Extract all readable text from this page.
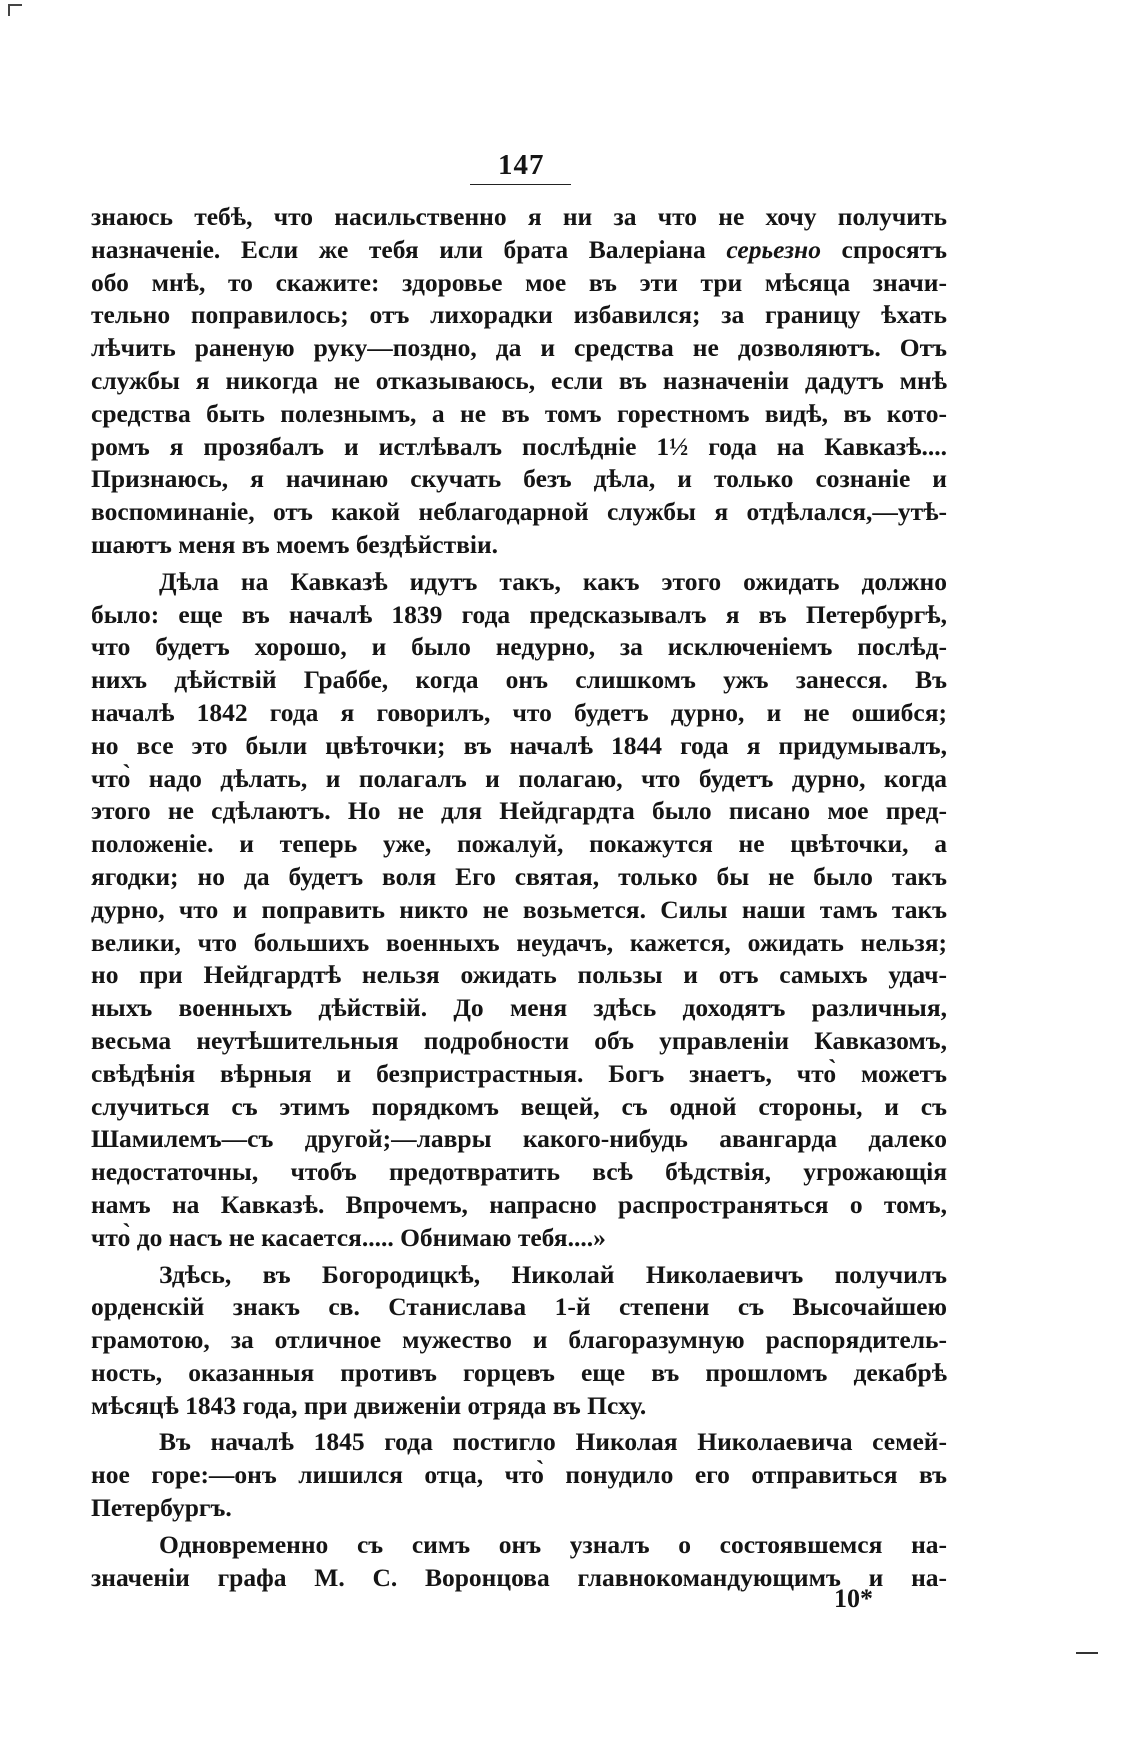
147
знаюсь тебѣ, что насильственно я ни за что не хочу получить
назначеніе. Если же тебя или брата Валеріана серьезно спросятъ
обо мнѣ, то скажите: здоровье мое въ эти три мѣсяца значи-
тельно поправилось; отъ лихорадки избавился; за границу ѣхать
лѣчить раненую руку—поздно, да и средства не дозволяютъ. Отъ
службы я никогда не отказываюсь, если въ назначеніи дадутъ мнѣ
средства быть полезнымъ, а не въ томъ горестномъ видѣ, въ кото-
ромъ я прозябалъ и истлѣвалъ послѣдніе 1½ года на Кавказѣ....
Признаюсь, я начинаю скучать безъ дѣла, и только сознаніе и
воспоминаніе, отъ какой неблагодарной службы я отдѣлался,—утѣ-
шаютъ меня въ моемъ бездѣйствіи.
Дѣла на Кавказѣ идутъ такъ, какъ этого ожидать должно
было: еще въ началѣ 1839 года предсказывалъ я въ Петербургѣ,
что будетъ хорошо, и было недурно, за исключеніемъ послѣд-
нихъ дѣйствій Граббе, когда онъ слишкомъ ужъ занесся. Въ
началѣ 1842 года я говорилъ, что будетъ дурно, и не ошибся;
но все это были цвѣточки; въ началѣ 1844 года я придумывалъ,
что̀ надо дѣлать, и полагалъ и полагаю, что будетъ дурно, когда
этого не сдѣлаютъ. Но не для Нейдгардта было писано мое пред-
положеніе. и теперь уже, пожалуй, покажутся не цвѣточки, а
ягодки; но да будетъ воля Его святая, только бы не было такъ
дурно, что и поправить никто не возьмется. Силы наши тамъ такъ
велики, что большихъ военныхъ неудачъ, кажется, ожидать нельзя;
но при Нейдгардтѣ нельзя ожидать пользы и отъ самыхъ удач-
ныхъ военныхъ дѣйствій. До меня здѣсь доходятъ различныя,
весьма неутѣшительныя подробности объ управленіи Кавказомъ,
свѣдѣнія вѣрныя и безпристрастныя. Богъ знаетъ, что̀ можетъ
случиться съ этимъ порядкомъ вещей, съ одной стороны, и съ
Шамилемъ—съ другой;—лавры какого-нибудь авангарда далеко
недостаточны, чтобъ предотвратить всѣ бѣдствія, угрожающія
намъ на Кавказѣ. Впрочемъ, напрасно распространяться о томъ,
что̀ до насъ не касается..... Обнимаю тебя....»
Здѣсь, въ Богородицкѣ, Николай Николаевичъ получилъ
орденскій знакъ св. Станислава 1-й степени съ Высочайшею
грамотою, за отличное мужество и благоразумную распорядитель-
ность, оказанныя противъ горцевъ еще въ прошломъ декабрѣ
мѣсяцѣ 1843 года, при движеніи отряда въ Псху.
Въ началѣ 1845 года постигло Николая Николаевича семей-
ное горе:—онъ лишился отца, что̀ понудило его отправиться въ
Петербургъ.
Одновременно съ симъ онъ узналъ о состоявшемся на-
значеніи графа М. С. Воронцова главнокомандующимъ и на-
10*
